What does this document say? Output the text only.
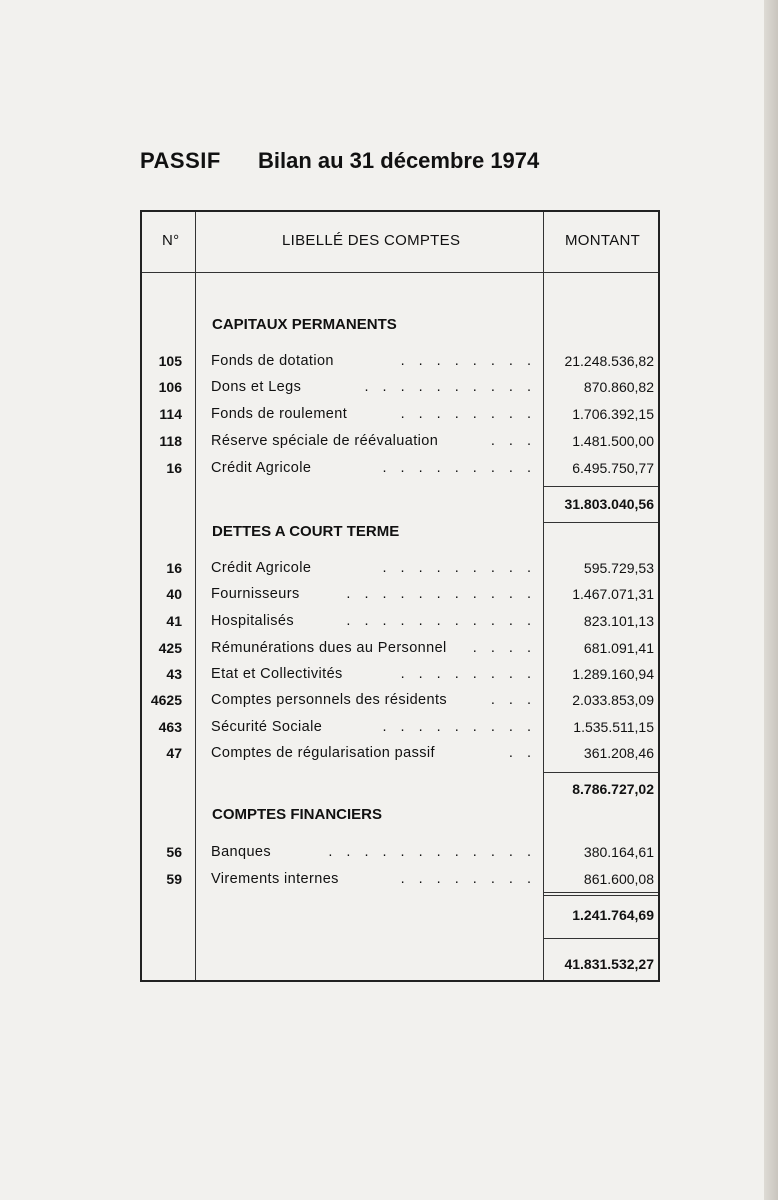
PASSIF Bilan au 31 décembre 1974
N°	LIBELLÉ DES COMPTES	MONTANT
CAPITAUX PERMANENTS
105 Fonds de dotation	. . . . . . . . 21.248.536,82
106 Dons et Legs	. . . . . . . . . .	870.860,82
114 Fonds de roulement	. . . . . . . .	1.706.392,15
118 Réserve spéciale de réévaluation	. . .	1.481.500,00
16 Crédit Agricole	. . . . . . . . .	6.495.750,77
31.803.040,56
DETTES A COURT TERME
16 Crédit Agricole	. . . . . . . . .	595.729,53
40 Fournisseurs	. . . . . . . . . . .	1.467.071,31
41 Hospitalisés	. . . . . . . . . . .	823.101,13
425 Rémunérations dues au Personnel . . . .	681.091,41
43 Etat et Collectivités	. . . . . . . .	1.289.160,94
4625 Comptes personnels des résidents	. . .	2.033.853,09
463 Sécurité Sociale	. . . . . . . . .	1.535.511,15
47 Comptes de régularisation passif	. .	361.208,46
8.786.727,02
COMPTES FINANCIERS
56 Banques	. . . . . . . . . . . .	380.164,61
59 Virements internes	. . . . . . . .	861.600,08
1.241.764,69
41.831.532,27
